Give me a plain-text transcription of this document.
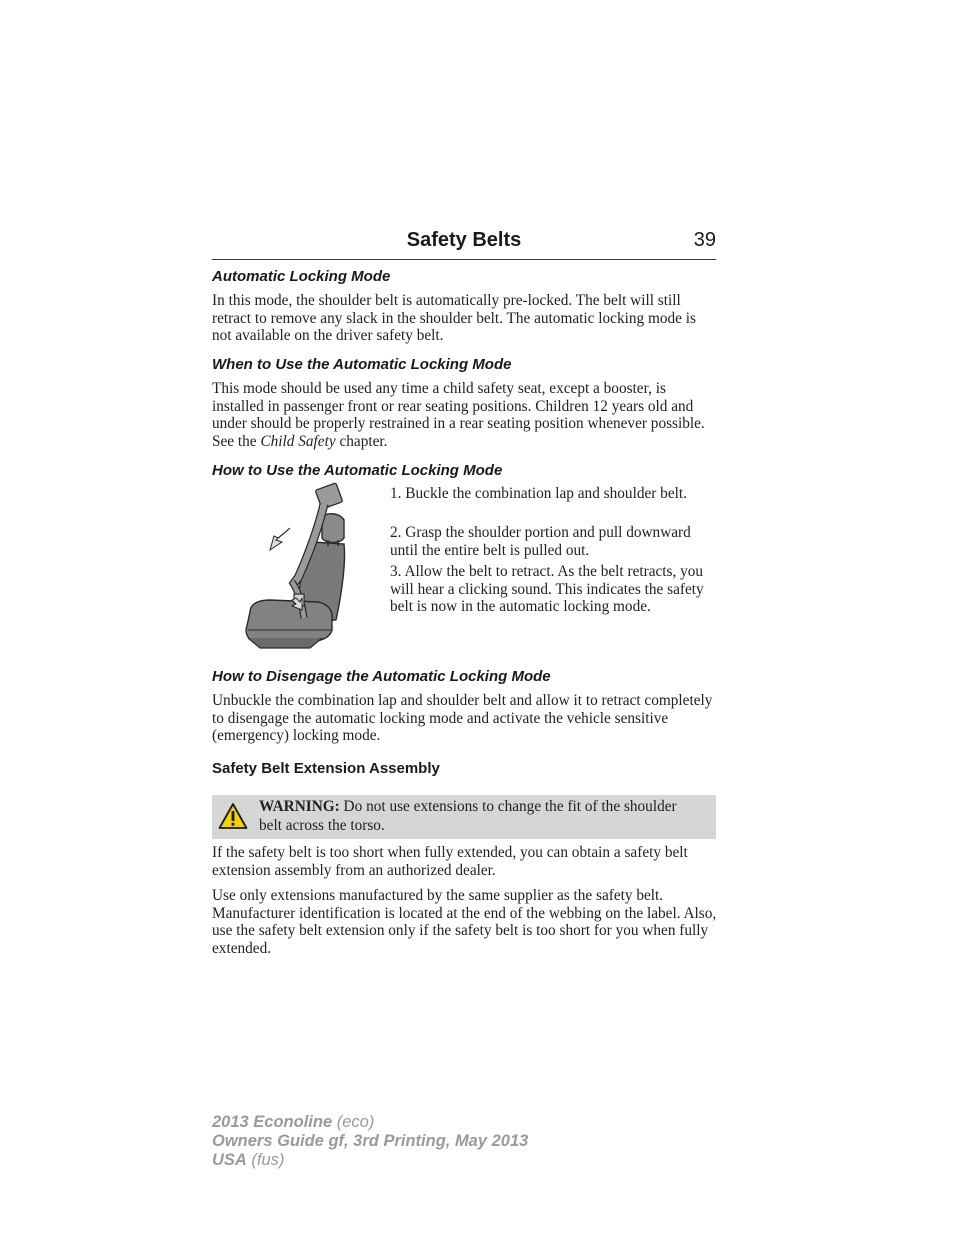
Safety Belts	39
Automatic Locking Mode

In this mode, the shoulder belt is automatically pre-locked. The belt will still retract to remove any slack in the shoulder belt. The automatic locking mode is not available on the driver safety belt.

When to Use the Automatic Locking Mode

This mode should be used any time a child safety seat, except a booster, is installed in passenger front or rear seating positions. Children 12 years old and under should be properly restrained in a rear seating position whenever possible. See the Child Safety chapter.

How to Use the Automatic Locking Mode

1. Buckle the combination lap and shoulder belt.

2. Grasp the shoulder portion and pull downward until the entire belt is pulled out.

3. Allow the belt to retract. As the belt retracts, you will hear a clicking sound. This indicates the safety belt is now in the automatic locking mode.

How to Disengage the Automatic Locking Mode

Unbuckle the combination lap and shoulder belt and allow it to retract completely to disengage the automatic locking mode and activate the vehicle sensitive (emergency) locking mode.

Safety Belt Extension Assembly
WARNING: Do not use extensions to change the fit of the shoulder belt across the torso.

If the safety belt is too short when fully extended, you can obtain a safety belt extension assembly from an authorized dealer.

Use only extensions manufactured by the same supplier as the safety belt. Manufacturer identification is located at the end of the webbing on the label. Also, use the safety belt extension only if the safety belt is too short for you when fully extended.

2013 Econoline (eco)
Owners Guide gf, 3rd Printing, May 2013
USA (fus)
